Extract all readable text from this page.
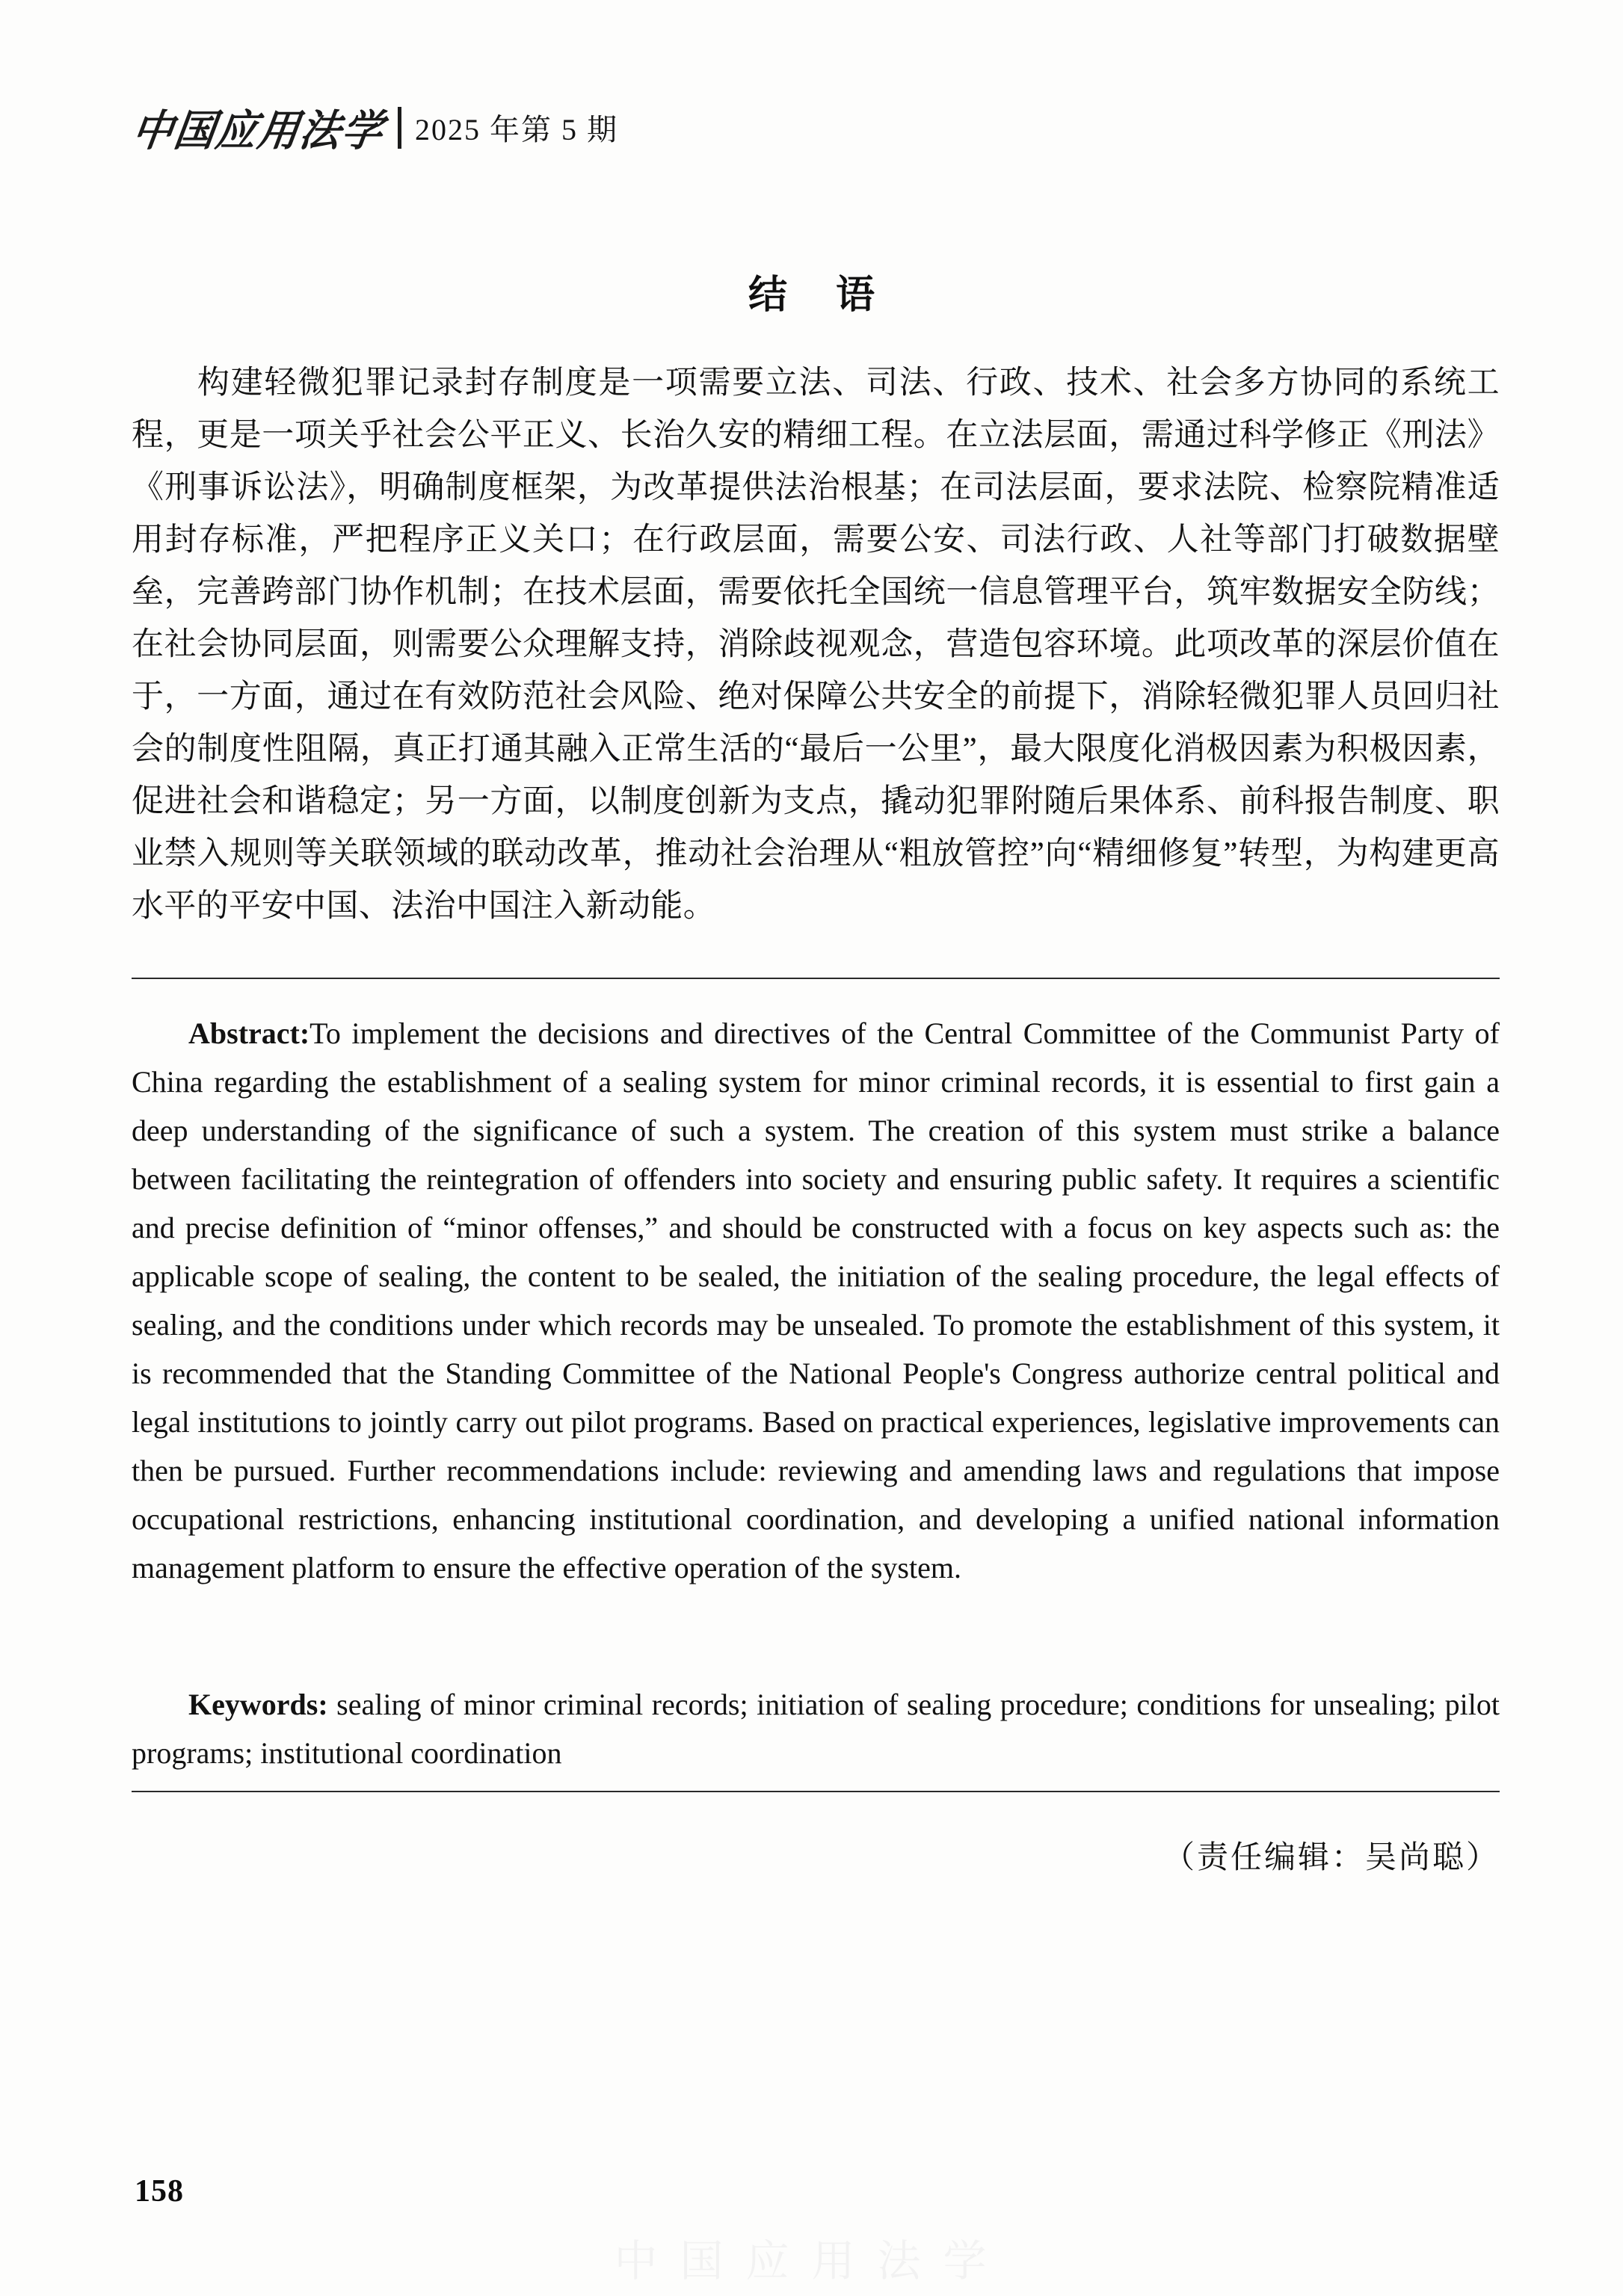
中国应用法学 2025 年第 5 期
结 语
构建轻微犯罪记录封存制度是一项需要立法、司法、行政、技术、社会多方协同的系统工程，更是一项关乎社会公平正义、长治久安的精细工程。在立法层面，需通过科学修正《刑法》《刑事诉讼法》，明确制度框架，为改革提供法治根基；在司法层面，要求法院、检察院精准适用封存标准，严把程序正义关口；在行政层面，需要公安、司法行政、人社等部门打破数据壁垒，完善跨部门协作机制；在技术层面，需要依托全国统一信息管理平台，筑牢数据安全防线；在社会协同层面，则需要公众理解支持，消除歧视观念，营造包容环境。此项改革的深层价值在于，一方面，通过在有效防范社会风险、绝对保障公共安全的前提下，消除轻微犯罪人员回归社会的制度性阻隔，真正打通其融入正常生活的“最后一公里”，最大限度化消极因素为积极因素，促进社会和谐稳定；另一方面，以制度创新为支点，撬动犯罪附随后果体系、前科报告制度、职业禁入规则等关联领域的联动改革，推动社会治理从“粗放管控”向“精细修复”转型，为构建更高水平的平安中国、法治中国注入新动能。
Abstract:To implement the decisions and directives of the Central Committee of the Communist Party of China regarding the establishment of a sealing system for minor criminal records, it is essential to first gain a deep understanding of the significance of such a system. The creation of this system must strike a balance between facilitating the reintegration of offenders into society and ensuring public safety. It requires a scientific and precise definition of “minor offenses,” and should be constructed with a focus on key aspects such as: the applicable scope of sealing, the content to be sealed, the initiation of the sealing procedure, the legal effects of sealing, and the conditions under which records may be unsealed. To promote the establishment of this system, it is recommended that the Standing Committee of the National People's Congress authorize central political and legal institutions to jointly carry out pilot programs. Based on practical experiences, legislative improvements can then be pursued. Further recommendations include: reviewing and amending laws and regulations that impose occupational restrictions, enhancing institutional coordination, and developing a unified national information management platform to ensure the effective operation of the system.
Keywords: sealing of minor criminal records; initiation of sealing procedure; conditions for unsealing; pilot programs; institutional coordination
（责任编辑：吴尚聪）
158
中国应用法学
